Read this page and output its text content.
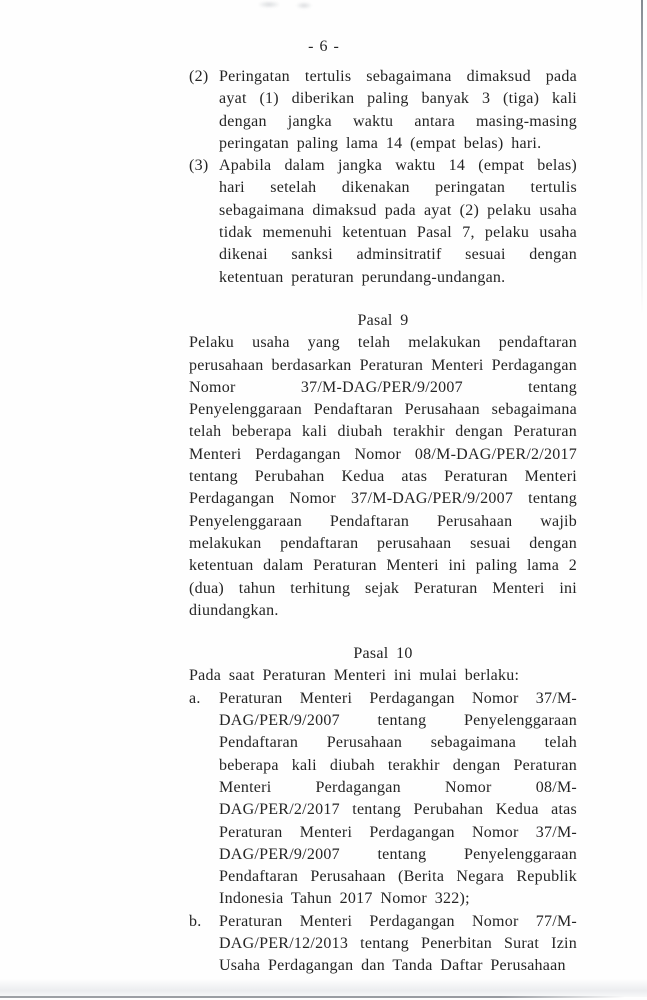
- 6 -
(2) Peringatan tertulis sebagaimana dimaksud pada ayat (1) diberikan paling banyak 3 (tiga) kali dengan jangka waktu antara masing-masing peringatan paling lama 14 (empat belas) hari.
(3) Apabila dalam jangka waktu 14 (empat belas) hari setelah dikenakan peringatan tertulis sebagaimana dimaksud pada ayat (2) pelaku usaha tidak memenuhi ketentuan Pasal 7, pelaku usaha dikenai sanksi adminsitratif sesuai dengan ketentuan peraturan perundang-undangan.
Pasal 9

Pelaku usaha yang telah melakukan pendaftaran perusahaan berdasarkan Peraturan Menteri Perdagangan Nomor 37/M-DAG/PER/9/2007 tentang Penyelenggaraan Pendaftaran Perusahaan sebagaimana telah beberapa kali diubah terakhir dengan Peraturan Menteri Perdagangan Nomor 08/M-DAG/PER/2/2017 tentang Perubahan Kedua atas Peraturan Menteri Perdagangan Nomor 37/M-DAG/PER/9/2007 tentang Penyelenggaraan Pendaftaran Perusahaan wajib melakukan pendaftaran perusahaan sesuai dengan ketentuan dalam Peraturan Menteri ini paling lama 2 (dua) tahun terhitung sejak Peraturan Menteri ini diundangkan.

Pasal 10

Pada saat Peraturan Menteri ini mulai berlaku:

a.	Peraturan Menteri Perdagangan Nomor 37/M-DAG/PER/9/2007 tentang Penyelenggaraan Pendaftaran Perusahaan sebagaimana telah beberapa kali diubah terakhir dengan Peraturan Menteri Perdagangan Nomor 08/M-DAG/PER/2/2017 tentang Perubahan Kedua atas Peraturan Menteri Perdagangan Nomor 37/M-DAG/PER/9/2007 tentang Penyelenggaraan Pendaftaran Perusahaan (Berita Negara Republik Indonesia Tahun 2017 Nomor 322);
b.	Peraturan Menteri Perdagangan Nomor 77/M-DAG/PER/12/2013 tentang Penerbitan Surat Izin Usaha Perdagangan dan Tanda Daftar Perusahaan
